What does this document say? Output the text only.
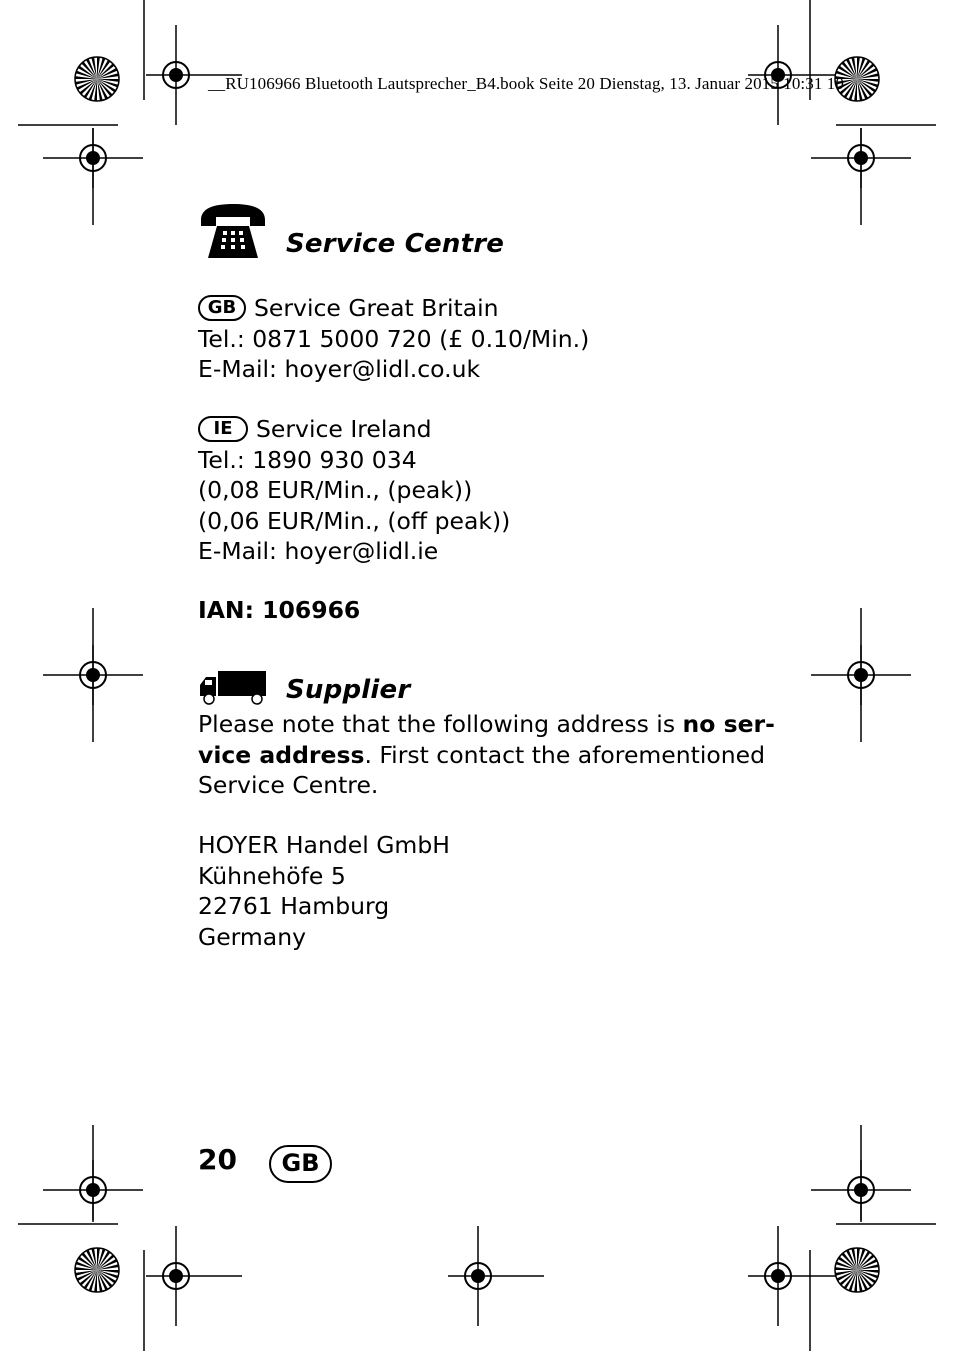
__RU106966 Bluetooth Lautsprecher_B4.book Seite 20 Dienstag, 13. Januar 2015 10:31 10
Service Centre
GB Service Great Britain
Tel.: 0871 5000 720 (£ 0.10/Min.)
E-Mail: hoyer@lidl.co.uk
IE Service Ireland
Tel.: 1890 930 034
(0,08 EUR/Min., (peak))
(0,06 EUR/Min., (off peak))
E-Mail: hoyer@lidl.ie
IAN: 106966
Supplier
Please note that the following address is no ser-
vice address. First contact the aforementioned
Service Centre.
HOYER Handel GmbH
Kühnehöfe 5
22761 Hamburg
Germany
20	GB
